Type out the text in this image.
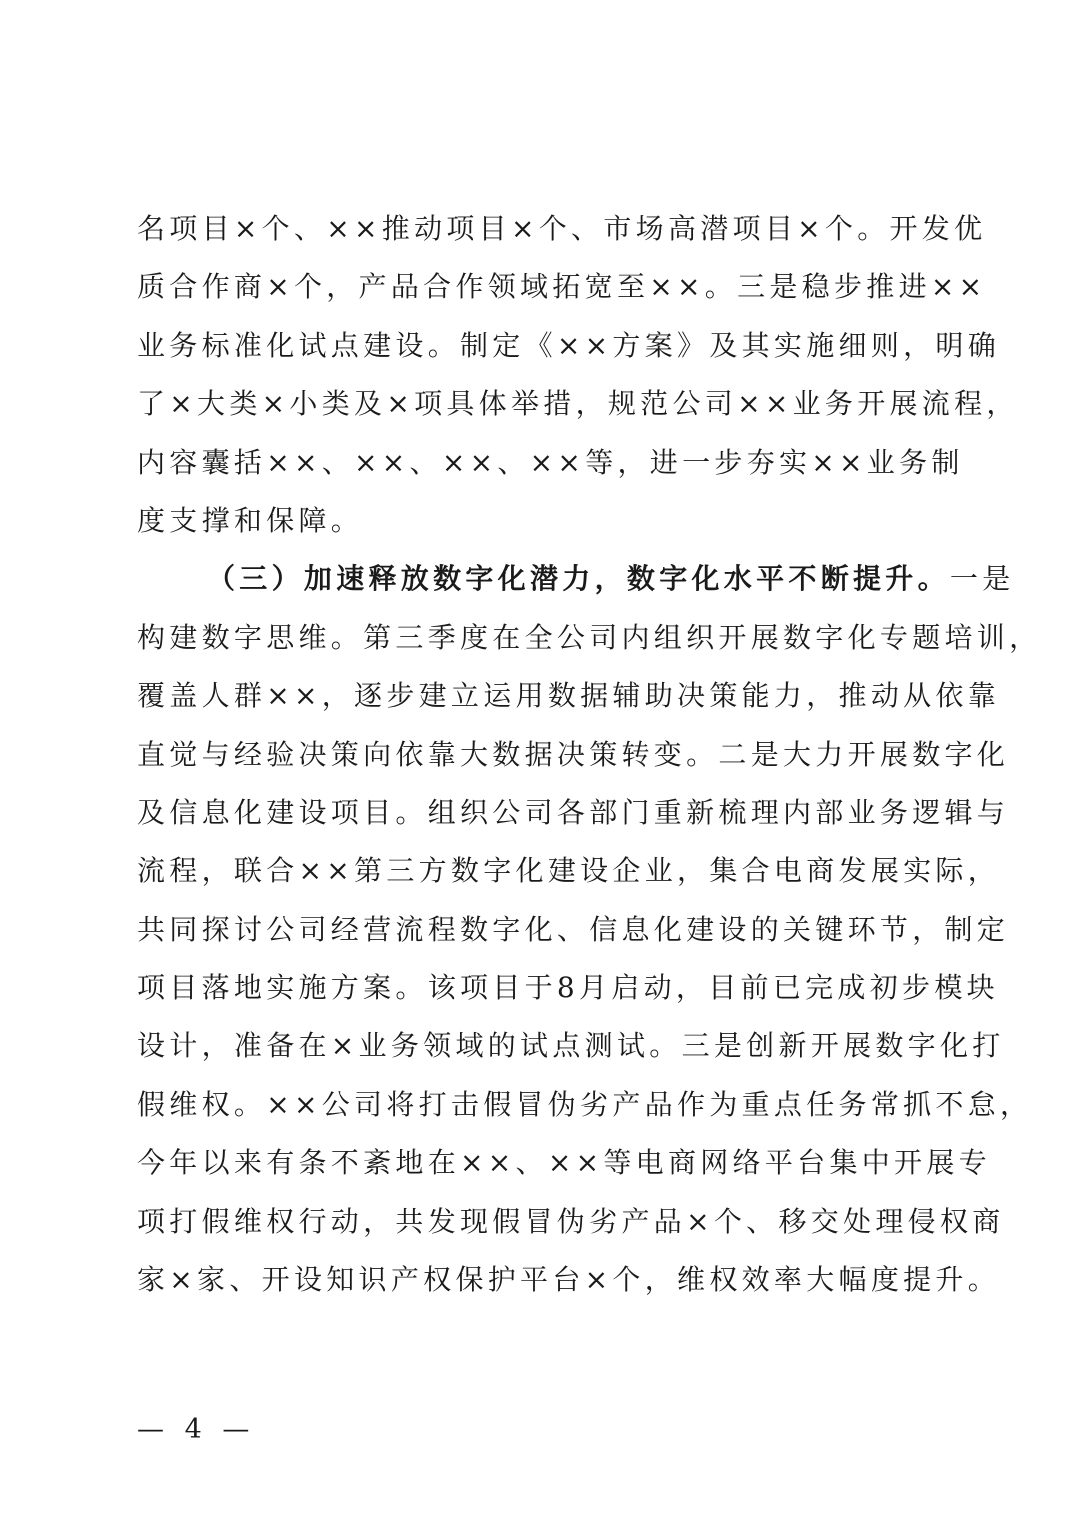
名项目×个、××推动项目×个、市场高潜项目×个。开发优
质合作商×个，产品合作领域拓宽至××。三是稳步推进××
业务标准化试点建设。制定《××方案》及其实施细则，明确
了×大类×小类及×项具体举措，规范公司××业务开展流程，
内容囊括××、××、××、××等，进一步夯实××业务制
度支撑和保障。
（三）加速释放数字化潜力，数字化水平不断提升。一是
构建数字思维。第三季度在全公司内组织开展数字化专题培训，
覆盖人群××，逐步建立运用数据辅助决策能力，推动从依靠
直觉与经验决策向依靠大数据决策转变。二是大力开展数字化
及信息化建设项目。组织公司各部门重新梳理内部业务逻辑与
流程，联合××第三方数字化建设企业，集合电商发展实际，
共同探讨公司经营流程数字化、信息化建设的关键环节，制定
项目落地实施方案。该项目于8月启动，目前已完成初步模块
设计，准备在×业务领域的试点测试。三是创新开展数字化打
假维权。××公司将打击假冒伪劣产品作为重点任务常抓不怠，
今年以来有条不紊地在××、××等电商网络平台集中开展专
项打假维权行动，共发现假冒伪劣产品×个、移交处理侵权商
家×家、开设知识产权保护平台×个，维权效率大幅度提升。
— 4 —
